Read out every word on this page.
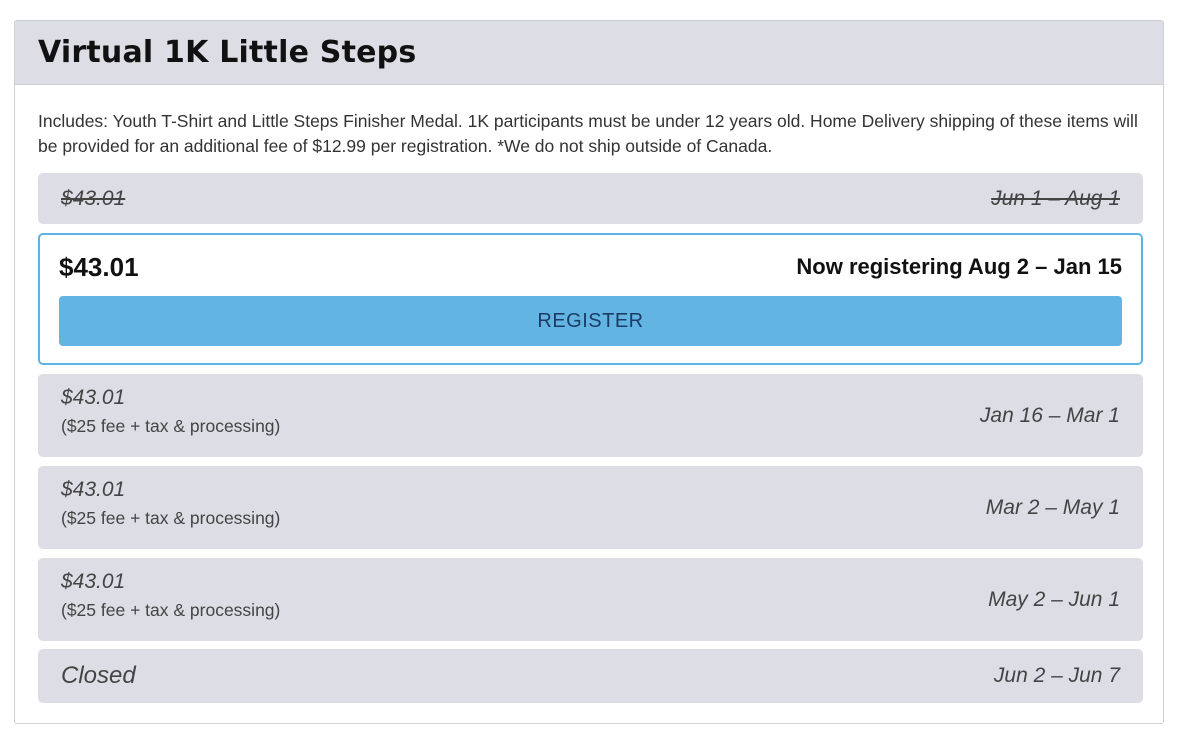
Virtual 1K Little Steps
Includes: Youth T-Shirt and Little Steps Finisher Medal. 1K participants must be under 12 years old. Home Delivery shipping of these items will be provided for an additional fee of $12.99 per registration. *We do not ship outside of Canada.
$43.01	Jun 1 – Aug 1
$43.01	Now registering Aug 2 – Jan 15
REGISTER
$43.01
($25 fee + tax & processing)	Jan 16 – Mar 1
$43.01
($25 fee + tax & processing)	Mar 2 – May 1
$43.01
($25 fee + tax & processing)	May 2 – Jun 1
Closed	Jun 2 – Jun 7
